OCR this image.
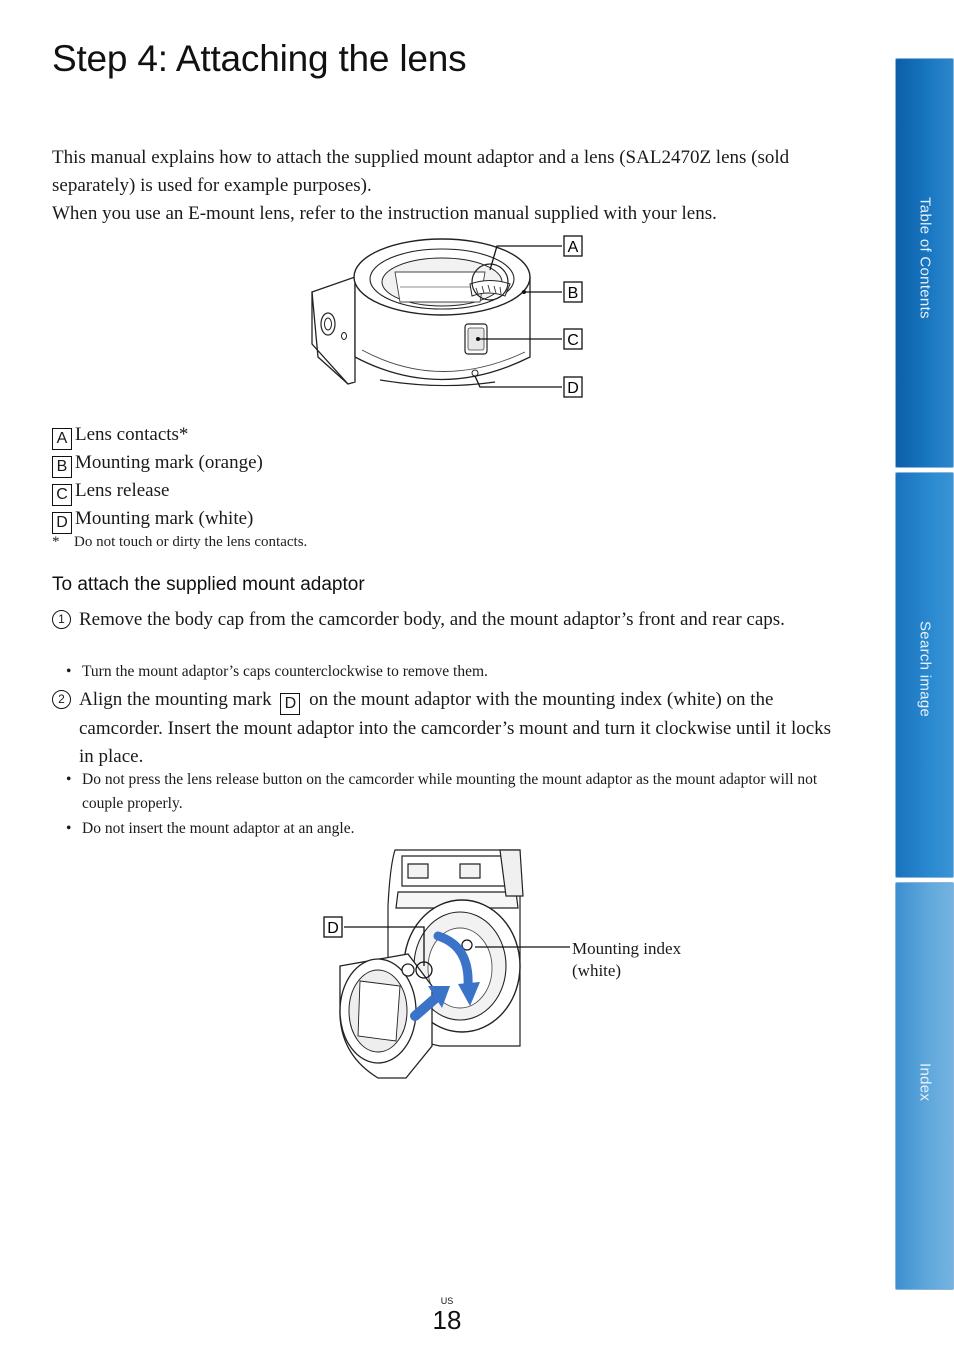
Step 4: Attaching the lens

This manual explains how to attach the supplied mount adaptor and a lens (SAL2470Z lens (sold separately) is used for example purposes).

When you use an E-mount lens, refer to the instruction manual supplied with your lens.

A
B
C
D
A Lens contacts*
B Mounting mark (orange)
C Lens release
D Mounting mark (white)
* Do not touch or dirty the lens contacts.
To attach the supplied mount adaptor
1 Remove the body cap from the camcorder body, and the mount adaptor’s front and rear caps.
• Turn the mount adaptor’s caps counterclockwise to remove them.
2 Align the mounting mark D on the mount adaptor with the mounting index (white) on the camcorder. Insert the mount adaptor into the camcorder’s mount and turn it clockwise until it locks in place.
• Do not press the lens release button on the camcorder while mounting the mount adaptor as the mount adaptor will not couple properly.
• Do not insert the mount adaptor at an angle.
D
Mounting index
(white)
Table of Contents
Search image
Index
US
18
